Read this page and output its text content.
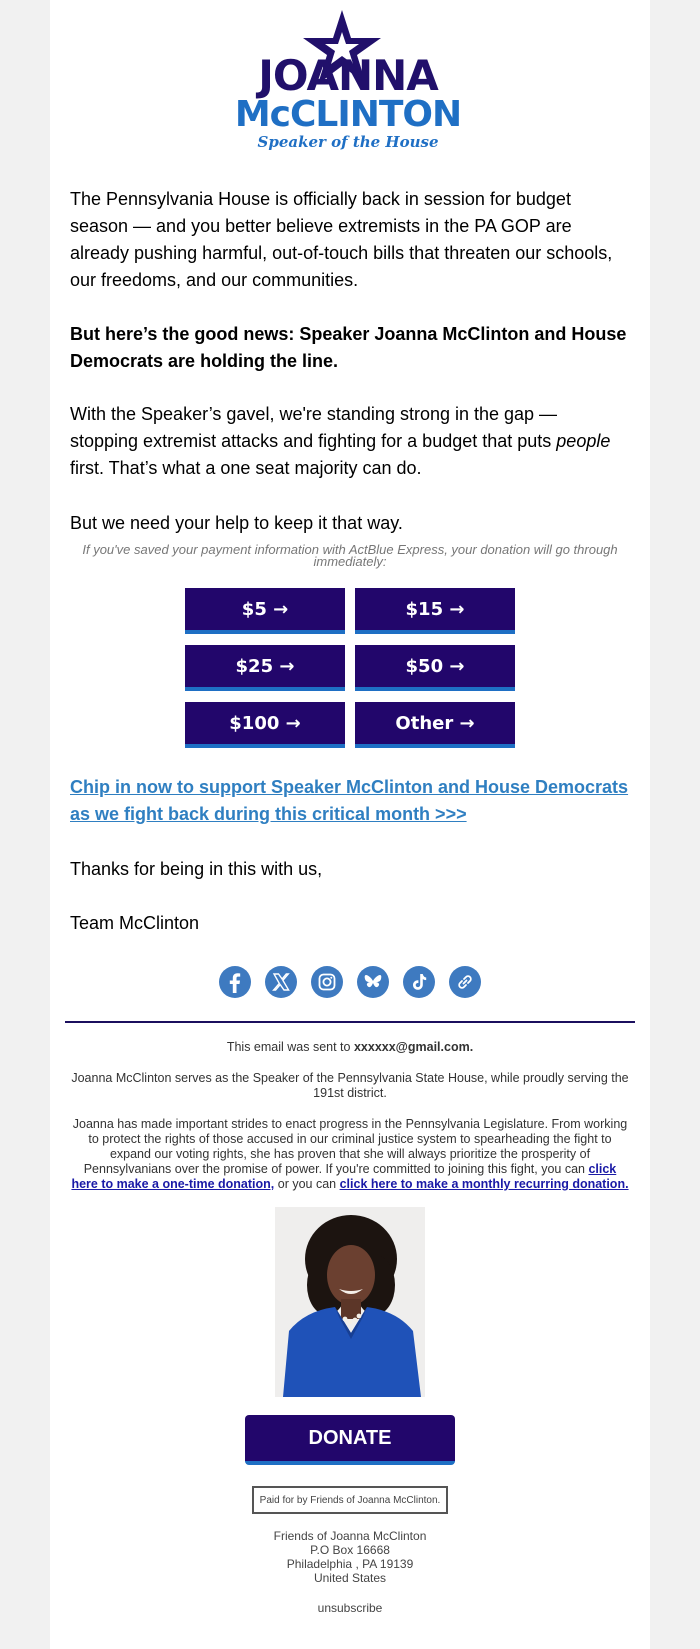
JOANNA
McCLINTON
Speaker of the House
The Pennsylvania House is officially back in session for budget season — and you better believe extremists in the PA GOP are already pushing harmful, out-of-touch bills that threaten our schools, our freedoms, and our communities.
But here’s the good news: Speaker Joanna McClinton and House Democrats are holding the line.
With the Speaker’s gavel, we're standing strong in the gap — stopping extremist attacks and fighting for a budget that puts people first. That’s what a one seat majority can do.
But we need your help to keep it that way.
If you've saved your payment information with ActBlue Express, your donation will go through immediately:
$5 →	$15 →
$25 →	$50 →
$100 →	Other →
Chip in now to support Speaker McClinton and House Democrats as we fight back during this critical month >>>
Thanks for being in this with us,
Team McClinton
This email was sent to xxxxxx@gmail.com.
Joanna McClinton serves as the Speaker of the Pennsylvania State House, while proudly serving the 191st district.
Joanna has made important strides to enact progress in the Pennsylvania Legislature. From working to protect the rights of those accused in our criminal justice system to spearheading the fight to expand our voting rights, she has proven that she will always prioritize the prosperity of Pennsylvanians over the promise of power. If you're committed to joining this fight, you can click here to make a one-time donation, or you can click here to make a monthly recurring donation.
DONATE
Paid for by Friends of Joanna McClinton.
Friends of Joanna McClinton
P.O Box 16668
Philadelphia , PA 19139
United States
unsubscribe
